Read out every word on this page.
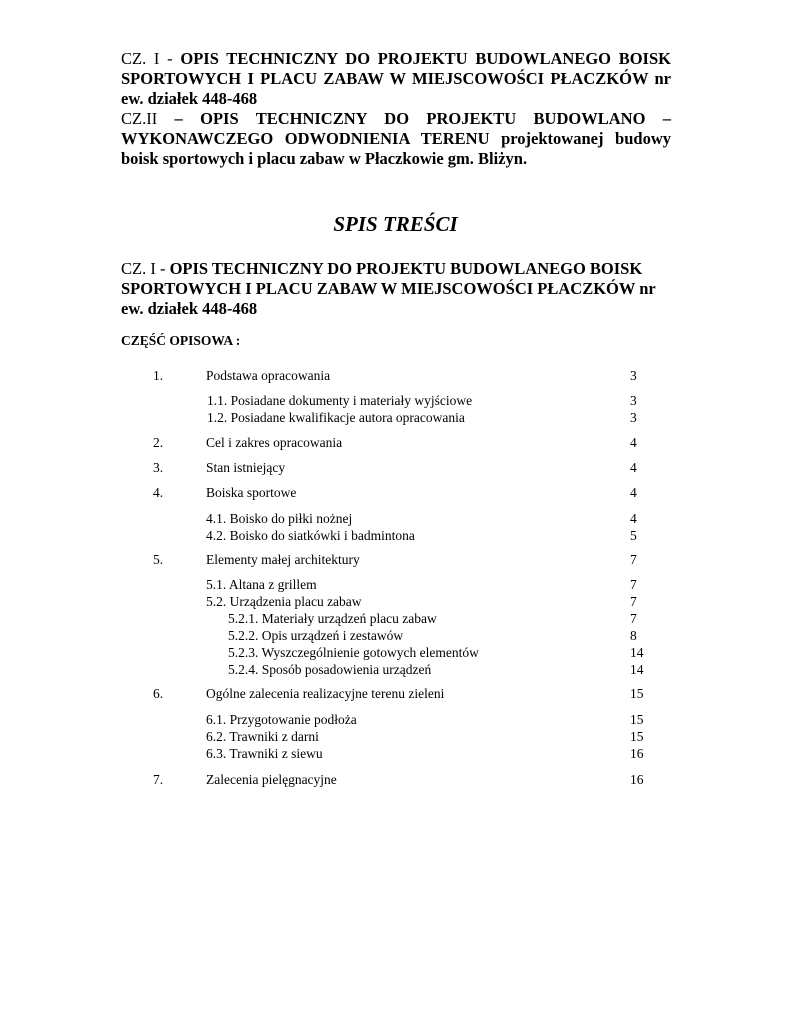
CZ. I - OPIS TECHNICZNY DO PROJEKTU BUDOWLANEGO BOISK SPORTOWYCH I PLACU ZABAW W MIEJSCOWOŚCI PŁACZKÓW nr ew. działek 448-468

CZ.II – OPIS TECHNICZNY DO PROJEKTU BUDOWLANO – WYKONAWCZEGO ODWODNIENIA TERENU projektowanej budowy boisk sportowych i placu zabaw w Płaczkowie gm. Bliżyn.

SPIS TREŚCI

CZ. I - OPIS TECHNICZNY DO PROJEKTU BUDOWLANEGO BOISK SPORTOWYCH I PLACU ZABAW W MIEJSCOWOŚCI PŁACZKÓW nr ew. działek 448-468

CZĘŚĆ OPISOWA :
1.	Podstawa opracowania	3
1.1. Posiadane dokumenty i materiały wyjściowe	3
1.2. Posiadane kwalifikacje autora opracowania	3
2.	Cel i zakres opracowania	4
3.	Stan istniejący	4
4.	Boiska sportowe	4
4.1. Boisko do piłki nożnej	4
4.2. Boisko do siatkówki i badmintona	5
5.	Elementy małej architektury	7
5.1. Altana z grillem	7
5.2. Urządzenia placu zabaw	7
5.2.1. Materiały urządzeń placu zabaw	7
5.2.2. Opis urządzeń i zestawów	8
5.2.3. Wyszczególnienie gotowych elementów	14
5.2.4. Sposób posadowienia urządzeń	14
6.	Ogólne zalecenia realizacyjne terenu zieleni	15
6.1. Przygotowanie podłoża	15
6.2. Trawniki z darni	15
6.3. Trawniki z siewu	16
7.	Zalecenia pielęgnacyjne	16
